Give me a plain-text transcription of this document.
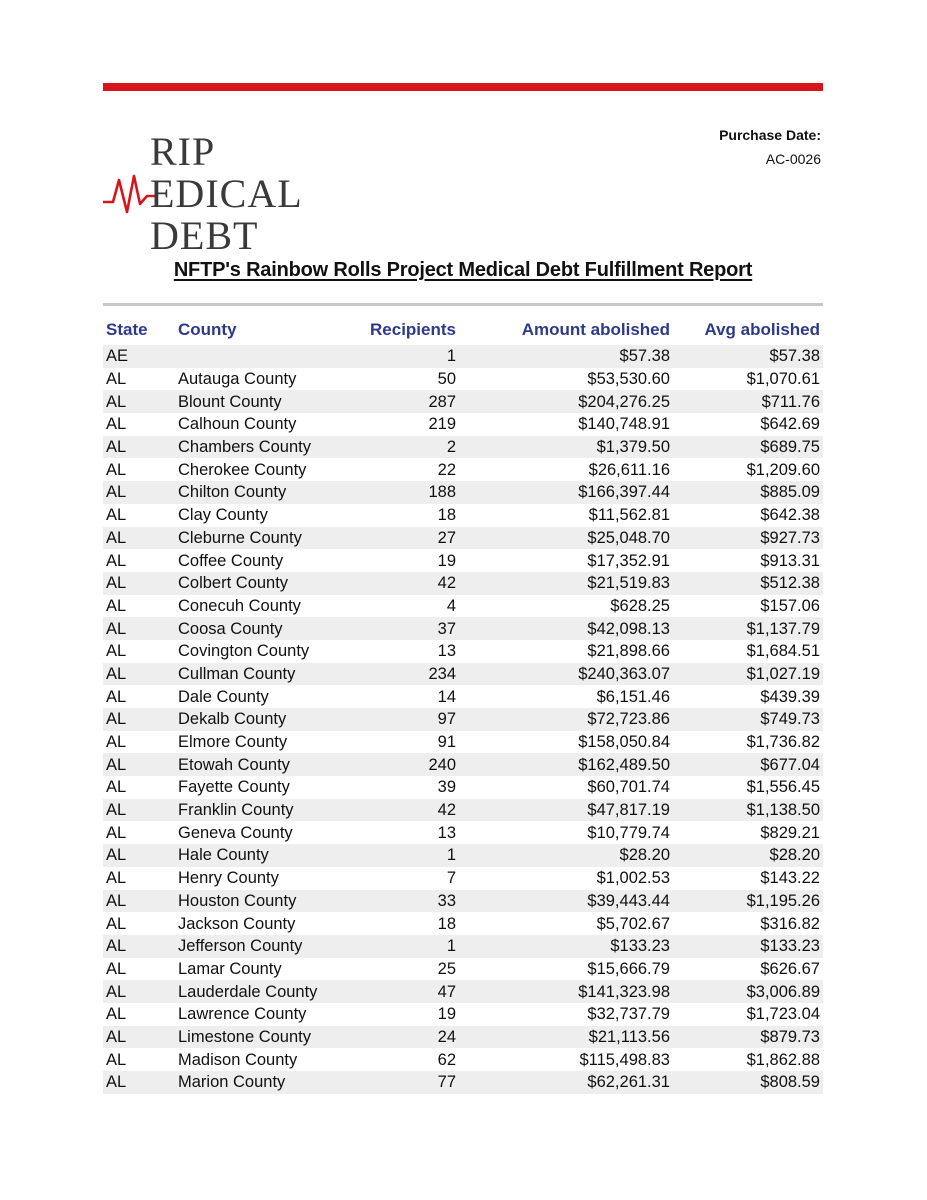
RIP
EDICAL
DEBT
Purchase Date:
AC-0026
NFTP's Rainbow Rolls Project Medical Debt Fulfillment Report
State	County	Recipients	Amount abolished	Avg abolished
AE		1	$57.38	$57.38
AL	Autauga County	50	$53,530.60	$1,070.61
AL	Blount County	287	$204,276.25	$711.76
AL	Calhoun County	219	$140,748.91	$642.69
AL	Chambers County	2	$1,379.50	$689.75
AL	Cherokee County	22	$26,611.16	$1,209.60
AL	Chilton County	188	$166,397.44	$885.09
AL	Clay County	18	$11,562.81	$642.38
AL	Cleburne County	27	$25,048.70	$927.73
AL	Coffee County	19	$17,352.91	$913.31
AL	Colbert County	42	$21,519.83	$512.38
AL	Conecuh County	4	$628.25	$157.06
AL	Coosa County	37	$42,098.13	$1,137.79
AL	Covington County	13	$21,898.66	$1,684.51
AL	Cullman County	234	$240,363.07	$1,027.19
AL	Dale County	14	$6,151.46	$439.39
AL	Dekalb County	97	$72,723.86	$749.73
AL	Elmore County	91	$158,050.84	$1,736.82
AL	Etowah County	240	$162,489.50	$677.04
AL	Fayette County	39	$60,701.74	$1,556.45
AL	Franklin County	42	$47,817.19	$1,138.50
AL	Geneva County	13	$10,779.74	$829.21
AL	Hale County	1	$28.20	$28.20
AL	Henry County	7	$1,002.53	$143.22
AL	Houston County	33	$39,443.44	$1,195.26
AL	Jackson County	18	$5,702.67	$316.82
AL	Jefferson County	1	$133.23	$133.23
AL	Lamar County	25	$15,666.79	$626.67
AL	Lauderdale County	47	$141,323.98	$3,006.89
AL	Lawrence County	19	$32,737.79	$1,723.04
AL	Limestone County	24	$21,113.56	$879.73
AL	Madison County	62	$115,498.83	$1,862.88
AL	Marion County	77	$62,261.31	$808.59
